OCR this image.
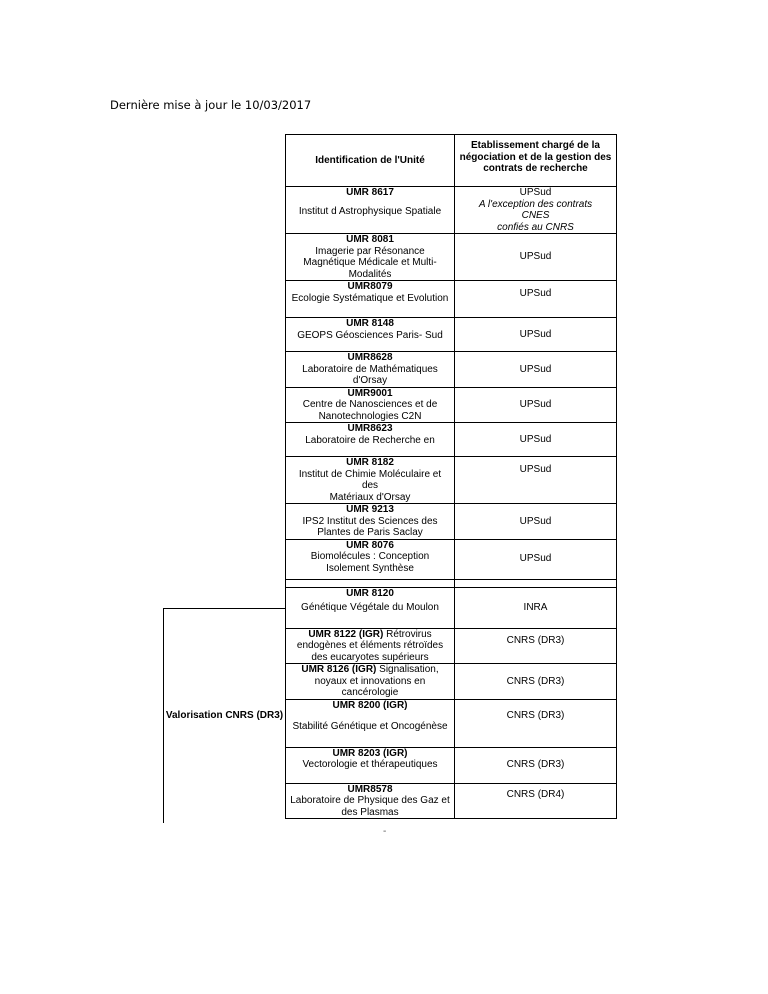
Dernière mise à jour le 10/03/2017
Valorisation CNRS (DR3)
Identification de l'Unité	Etablissement chargé de la négociation et de la gestion des contrats de recherche

UMR 8617
Institut d Astrophysique Spatiale	UPSud
A l'exception des contrats
CNES
confiés au CNRS

UMR 8081
Imagerie par Résonance Magnétique Médicale et Multi- Modalités	UPSud

UMR8079
Ecologie Systématique et Evolution	UPSud

UMR 8148
GEOPS Géosciences Paris- Sud	UPSud

UMR8628
Laboratoire de Mathématiques d'Orsay	UPSud

UMR9001
Centre de Nanosciences et de Nanotechnologies C2N	UPSud

UMR8623
Laboratoire de Recherche en	UPSud

UMR 8182
Institut de Chimie Moléculaire et des
Matériaux d'Orsay	UPSud

UMR 9213
IPS2 Institut des Sciences des Plantes de Paris Saclay	UPSud

UMR 8076
Biomolécules : Conception Isolement Synthèse	UPSud

UMR 8120
Génétique Végétale du Moulon	INRA
UMR 8122 (IGR) Rétrovirus endogènes et éléments rétroïdes des eucaryotes supérieurs	CNRS (DR3)
UMR 8126 (IGR) Signalisation, noyaux et innovations en cancérologie	CNRS (DR3)

UMR 8200 (IGR)
Stabilité Génétique et Oncogénèse	CNRS (DR3)

UMR 8203 (IGR)
Vectorologie et thérapeutiques	CNRS (DR3)

UMR8578
Laboratoire de Physique des Gaz et des Plasmas	CNRS (DR4)
-
